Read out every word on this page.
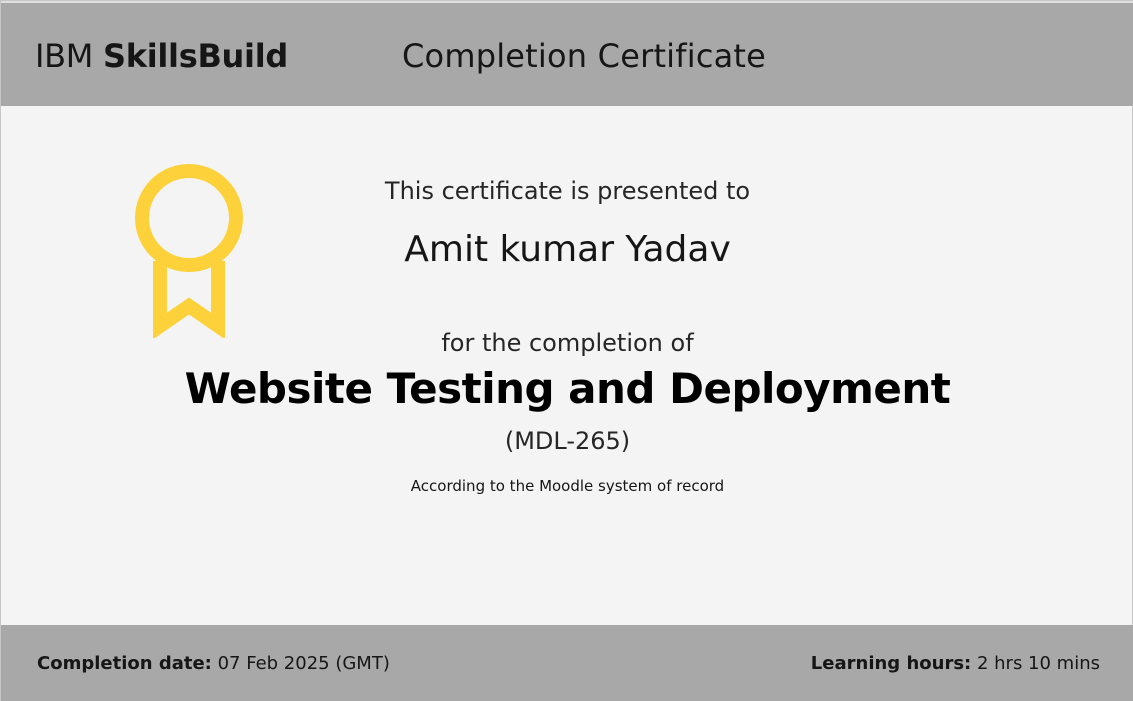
IBM SkillsBuild	Completion Certificate
This certificate is presented to
Amit kumar Yadav
for the completion of
Website Testing and Deployment
(MDL-265)
According to the Moodle system of record
Completion date: 07 Feb 2025 (GMT)	Learning hours: 2 hrs 10 mins
